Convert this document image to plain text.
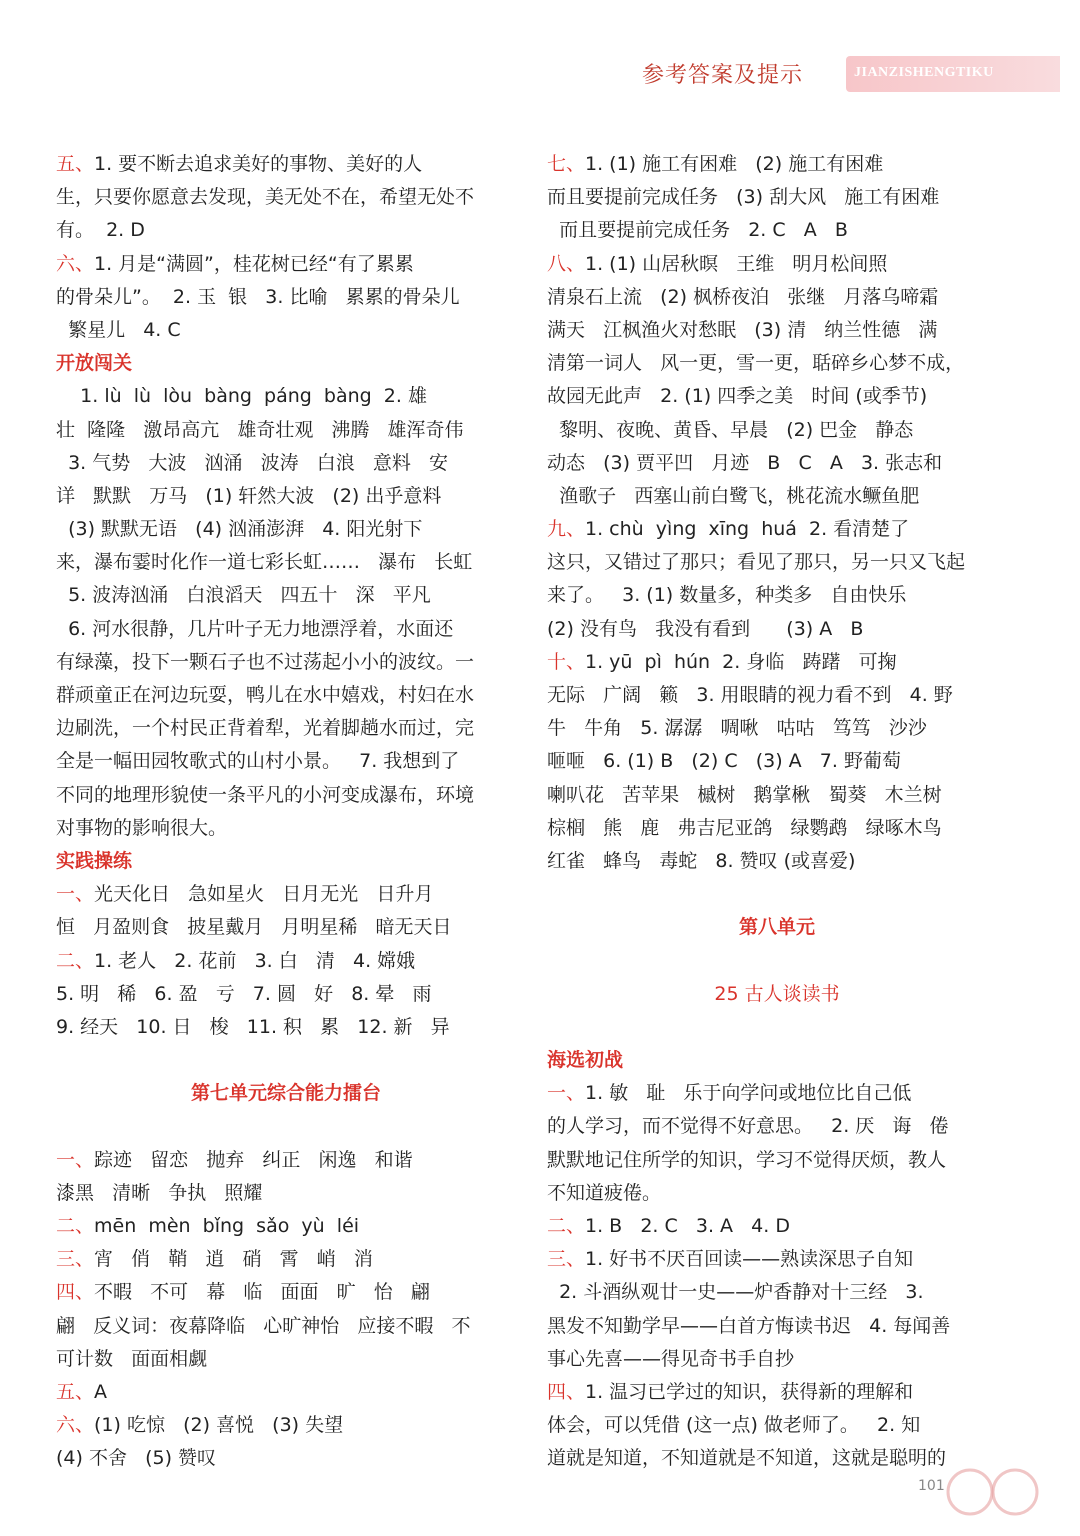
参考答案及提示	JIANZISHENGTIKU
五、1. 要不断去追求美好的事物、美好的人
生，只要你愿意去发现，美无处不在，希望无处不
有。  2. D
六、1. 月是“满圆”，桂花树已经“有了累累
的骨朵儿”。  2. 玉  银   3. 比喻   累累的骨朵儿
繁星儿   4. C
开放闯关
1. lù  lù  lòu  bàng  páng  bàng  2. 雄
壮  隆隆   激昂高亢   雄奇壮观   沸腾   雄浑奇伟
3. 气势   大波   汹涌   波涛   白浪   意料   安
详   默默   万马   (1) 轩然大波   (2) 出乎意料
(3) 默默无语   (4) 汹涌澎湃   4. 阳光射下
来，瀑布霎时化作一道七彩长虹……   瀑布   长虹
5. 波涛汹涌   白浪滔天   四五十   深   平凡
6. 河水很静，几片叶子无力地漂浮着，水面还
有绿藻，投下一颗石子也不过荡起小小的波纹。一
群顽童正在河边玩耍，鸭儿在水中嬉戏，村妇在水
边刷洗，一个村民正背着犁，光着脚趟水而过，完
全是一幅田园牧歌式的山村小景。   7. 我想到了
不同的地理形貌使一条平凡的小河变成瀑布，环境
对事物的影响很大。
实践操练
一、光天化日   急如星火   日月无光   日升月
恒   月盈则食   披星戴月   月明星稀   暗无天日
二、1. 老人   2. 花前   3. 白   清   4. 嫦娥
5. 明   稀   6. 盈   亏   7. 圆   好   8. 晕   雨
9. 经天   10. 日   梭   11. 积   累   12. 新   异
第七单元综合能力擂台
一、踪迹   留恋   抛弃   纠正   闲逸   和谐
漆黑   清晰   争执   照耀
二、mēn  mèn  bǐng  sǎo  yù  léi
三、宵   俏   鞘   逍   硝   霄   峭   消
四、不暇   不可   幕   临   面面   旷   怡   翩
翩   反义词：夜幕降临   心旷神怡   应接不暇   不
可计数   面面相觑
五、A
六、(1) 吃惊   (2) 喜悦   (3) 失望
(4) 不舍   (5) 赞叹
七、1. (1) 施工有困难   (2) 施工有困难
而且要提前完成任务   (3) 刮大风   施工有困难
而且要提前完成任务   2. C   A   B
八、1. (1) 山居秋暝   王维   明月松间照
清泉石上流   (2) 枫桥夜泊   张继   月落乌啼霜
满天   江枫渔火对愁眠   (3) 清   纳兰性德   满
清第一词人   风一更，雪一更，聒碎乡心梦不成，
故园无此声   2. (1) 四季之美   时间 (或季节)
黎明、夜晚、黄昏、早晨   (2) 巴金   静态
动态   (3) 贾平凹   月迹   B   C   A   3. 张志和
渔歌子   西塞山前白鹭飞，桃花流水鳜鱼肥
九、1. chù  yìng  xīng  huá  2. 看清楚了
这只，又错过了那只；看见了那只，另一只又飞起
来了。   3. (1) 数量多，种类多   自由快乐
(2) 没有鸟   我没有看到      (3) A   B
十、1. yū  pì  hún  2. 身临   踌躇   可掬
无际   广阔   籁   3. 用眼睛的视力看不到   4. 野
牛   牛角   5. 潺潺   啁啾   咕咕   笃笃   沙沙
咂咂   6. (1) B   (2) C   (3) A   7. 野葡萄
喇叭花   苦苹果   槭树   鹅掌楸   蜀葵   木兰树
棕榈   熊   鹿   弗吉尼亚鸽   绿鹦鹉   绿啄木鸟
红雀   蜂鸟   毒蛇   8. 赞叹 (或喜爱)
第八单元
25 古人谈读书
海选初战
一、1. 敏   耻   乐于向学问或地位比自己低
的人学习，而不觉得不好意思。   2. 厌   诲   倦
默默地记住所学的知识，学习不觉得厌烦，教人
不知道疲倦。
二、1. B   2. C   3. A   4. D
三、1. 好书不厌百回读——熟读深思子自知
2. 斗酒纵观廿一史——炉香静对十三经   3.
黑发不知勤学早——白首方悔读书迟   4. 每闻善
事心先喜——得见奇书手自抄
四、1. 温习已学过的知识，获得新的理解和
体会，可以凭借 (这一点) 做老师了。   2. 知
道就是知道，不知道就是不知道，这就是聪明的
101
